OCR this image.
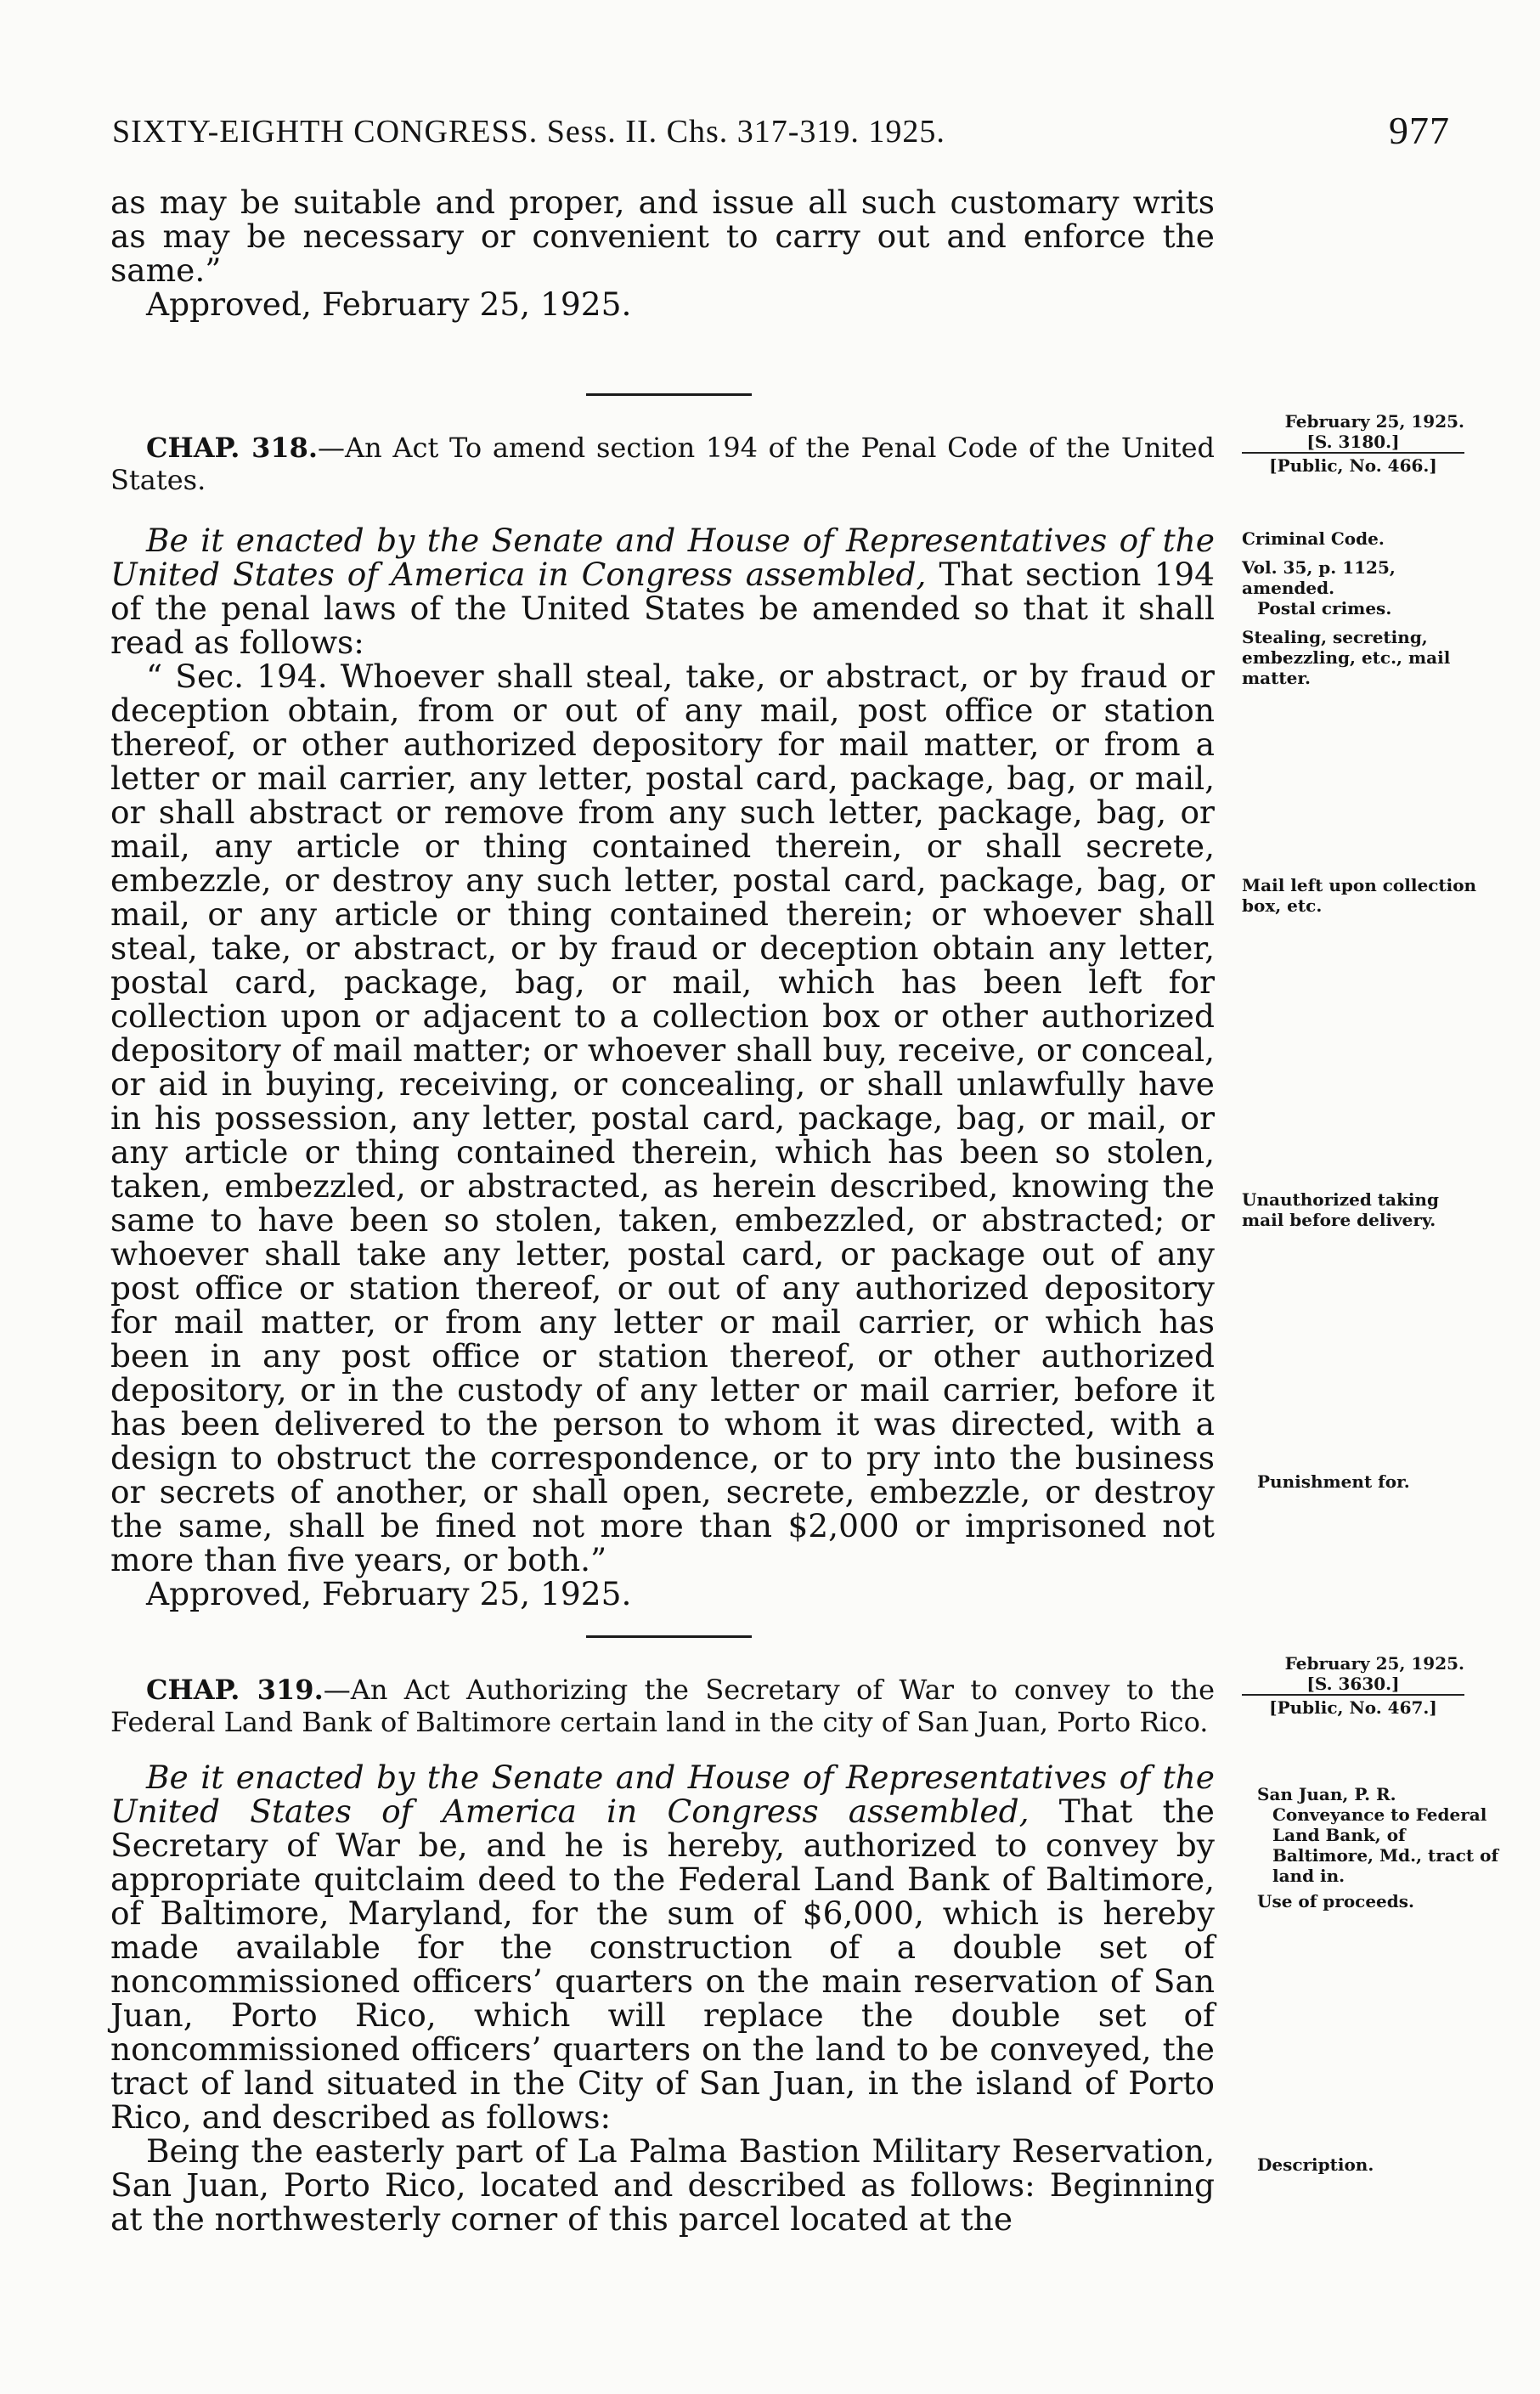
SIXTY-EIGHTH CONGRESS. Sess. II. Chs. 317-319. 1925.	977

as may be suitable and proper, and issue all such customary writs as may be necessary or convenient to carry out and enforce the same.”

Approved, February 25, 1925.

February 25, 1925.
[S. 3180.]
[Public, No. 466.]

CHAP. 318.—An Act To amend section 194 of the Penal Code of the United States.

Be it enacted by the Senate and House of Representatives of the United States of America in Congress assembled, That section 194 of the penal laws of the United States be amended so that it shall read as follows:

“ Sec. 194. Whoever shall steal, take, or abstract, or by fraud or deception obtain, from or out of any mail, post office or station thereof, or other authorized depository for mail matter, or from a letter or mail carrier, any letter, postal card, package, bag, or mail, or shall abstract or remove from any such letter, package, bag, or mail, any article or thing contained therein, or shall secrete, embezzle, or destroy any such letter, postal card, package, bag, or mail, or any article or thing contained therein; or whoever shall steal, take, or abstract, or by fraud or deception obtain any letter, postal card, package, bag, or mail, which has been left for collection upon or adjacent to a collection box or other authorized depository of mail matter; or whoever shall buy, receive, or conceal, or aid in buying, receiving, or concealing, or shall unlawfully have in his possession, any letter, postal card, package, bag, or mail, or any article or thing contained therein, which has been so stolen, taken, embezzled, or abstracted, as herein described, knowing the same to have been so stolen, taken, embezzled, or abstracted; or whoever shall take any letter, postal card, or package out of any post office or station thereof, or out of any authorized depository for mail matter, or from any letter or mail carrier, or which has been in any post office or station thereof, or other authorized depository, or in the custody of any letter or mail carrier, before it has been delivered to the person to whom it was directed, with a design to obstruct the correspondence, or to pry into the business or secrets of another, or shall open, secrete, embezzle, or destroy the same, shall be fined not more than $2,000 or imprisoned not more than five years, or both.”

Approved, February 25, 1925.

Criminal Code.
Vol. 35, p. 1125, amended.
Postal crimes.
Stealing, secreting, embezzling, etc., mail matter.
Mail left upon collection box, etc.
Unauthorized taking mail before delivery.
Punishment for.
February 25, 1925.
[S. 3630.]
[Public, No. 467.]

CHAP. 319.—An Act Authorizing the Secretary of War to convey to the Federal Land Bank of Baltimore certain land in the city of San Juan, Porto Rico.

Be it enacted by the Senate and House of Representatives of the United States of America in Congress assembled, That the Secretary of War be, and he is hereby, authorized to convey by appropriate quitclaim deed to the Federal Land Bank of Baltimore, of Baltimore, Maryland, for the sum of $6,000, which is hereby made available for the construction of a double set of noncommissioned officers’ quarters on the main reservation of San Juan, Porto Rico, which will replace the double set of noncommissioned officers’ quarters on the land to be conveyed, the tract of land situated in the City of San Juan, in the island of Porto Rico, and described as follows:

Being the easterly part of La Palma Bastion Military Reservation, San Juan, Porto Rico, located and described as follows: Beginning at the northwesterly corner of this parcel located at the

San Juan, P. R.
Conveyance to Federal Land Bank, of Baltimore, Md., tract of land in.
Use of proceeds.
Description.
